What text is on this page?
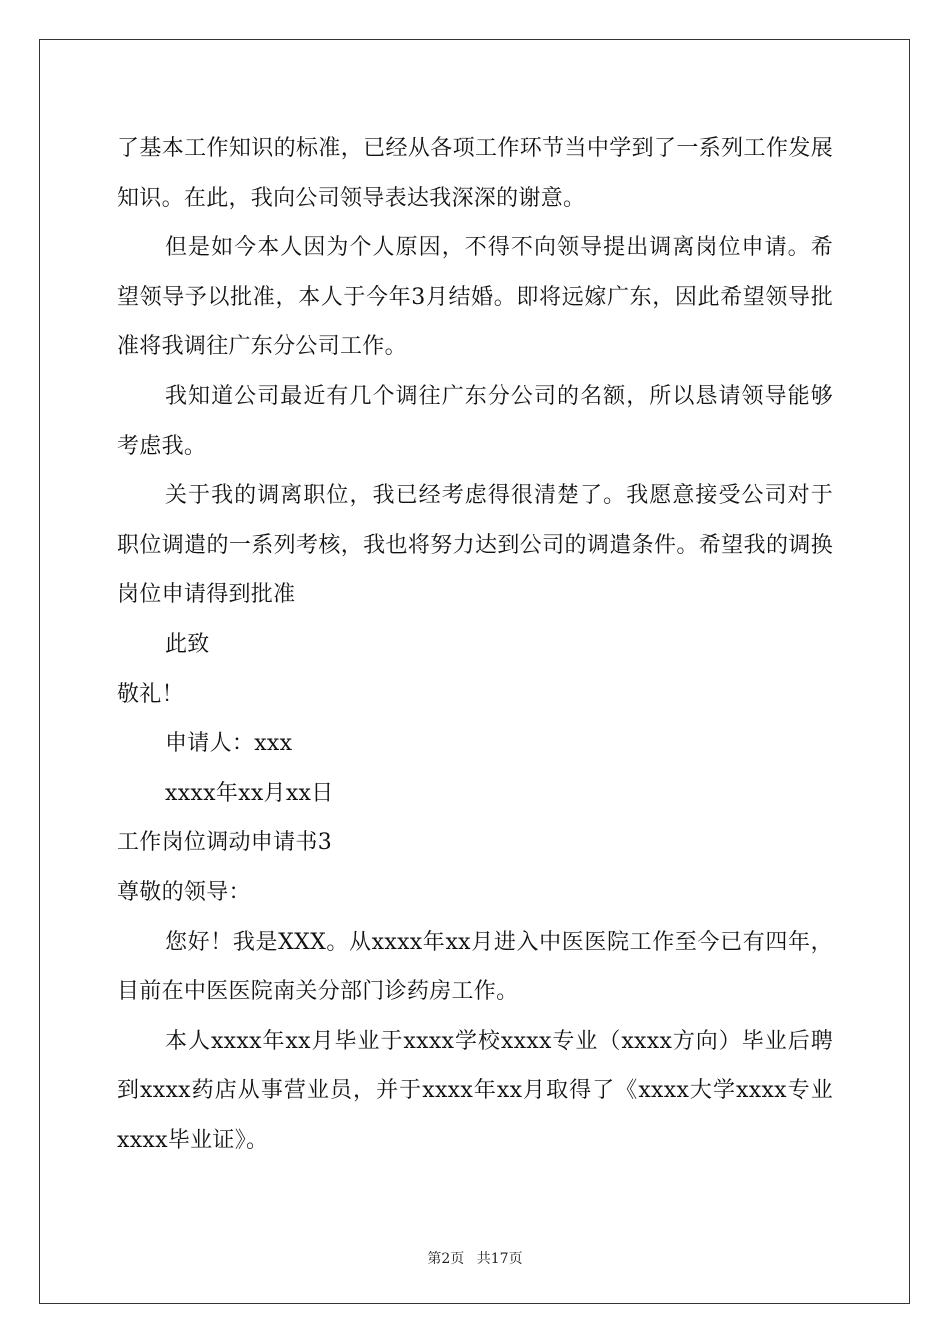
了基本工作知识的标准，已经从各项工作环节当中学到了一系列工作发展知识。在此，我向公司领导表达我深深的谢意。

但是如今本人因为个人原因，不得不向领导提出调离岗位申请。希望领导予以批准，本人于今年3月结婚。即将远嫁广东，因此希望领导批准将我调往广东分公司工作。

我知道公司最近有几个调往广东分公司的名额，所以恳请领导能够考虑我。

关于我的调离职位，我已经考虑得很清楚了。我愿意接受公司对于职位调遣的一系列考核，我也将努力达到公司的调遣条件。希望我的调换岗位申请得到批准

此致

敬礼！

申请人：xxx

xxxx年xx月xx日

工作岗位调动申请书3

尊敬的领导：

您好！我是XXX。从xxxx年xx月进入中医医院工作至今已有四年，目前在中医医院南关分部门诊药房工作。

本人xxxx年xx月毕业于xxxx学校xxxx专业（xxxx方向）毕业后聘到xxxx药店从事营业员，并于xxxx年xx月取得了《xxxx大学xxxx专业xxxx毕业证》。

第2页 共17页
